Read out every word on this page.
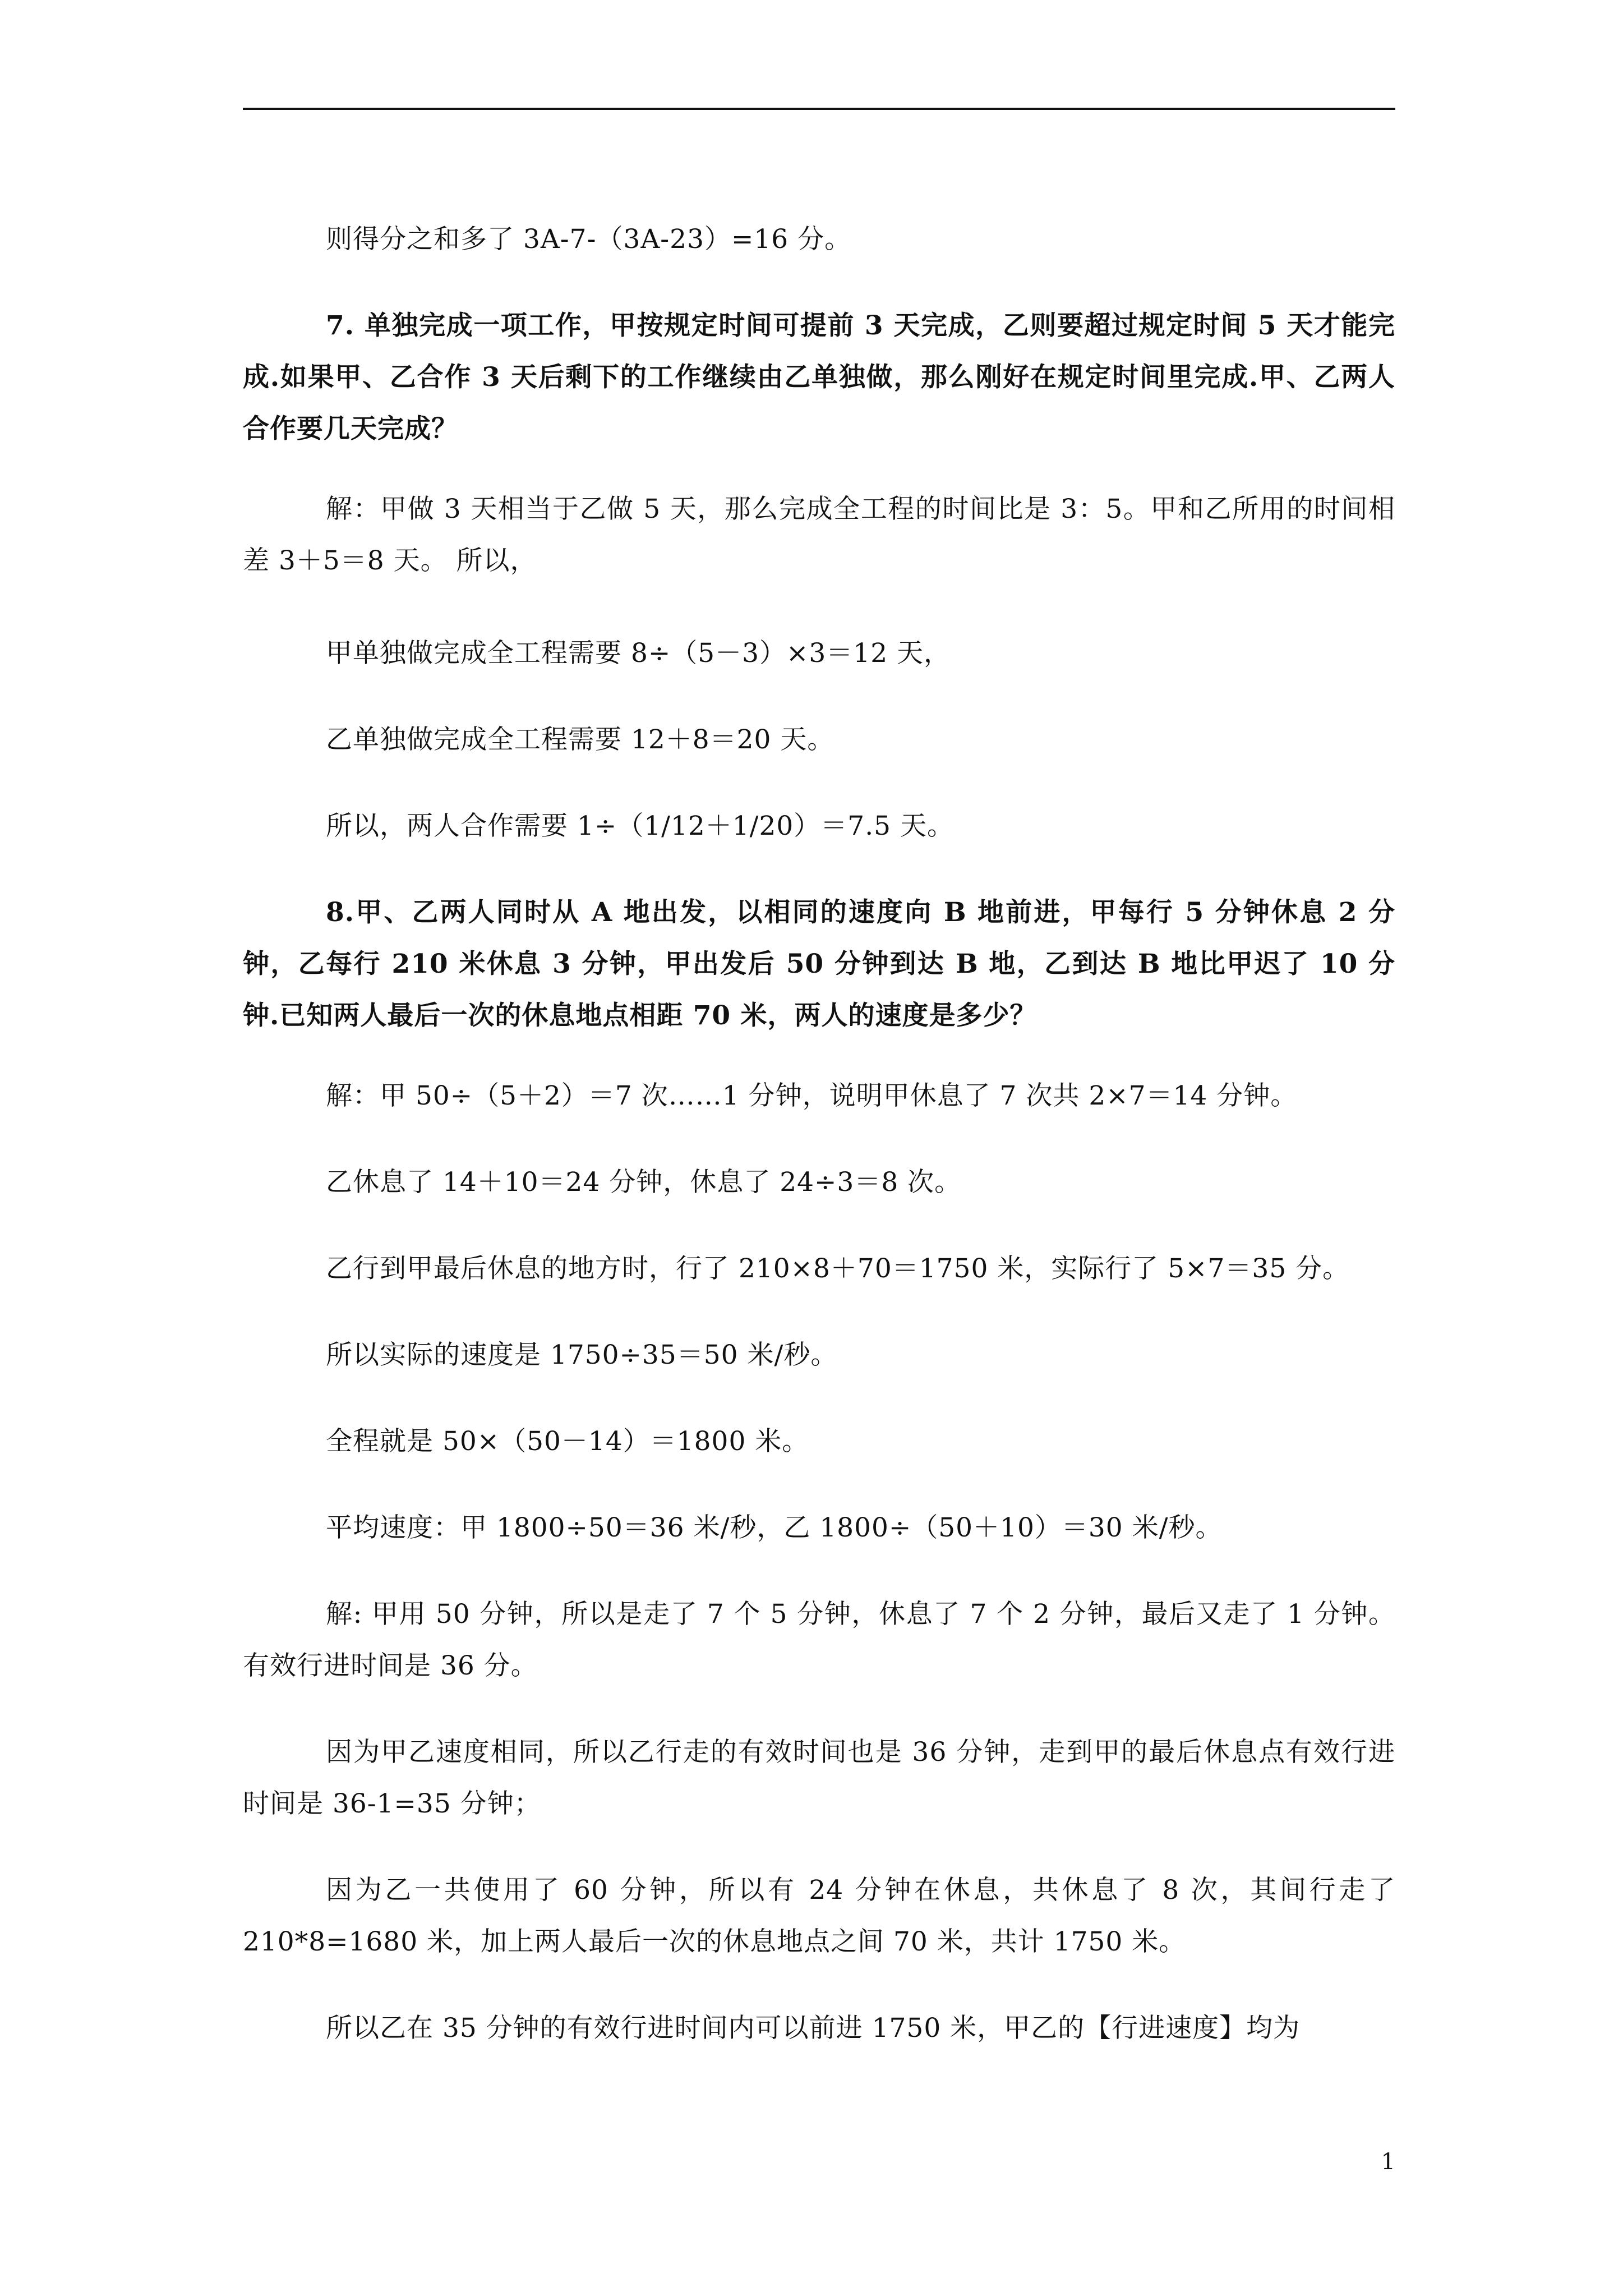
则得分之和多了 3A-7-（3A-23）=16 分。

7. 单独完成一项工作，甲按规定时间可提前 3 天完成，乙则要超过规定时间 5 天才能完成.如果甲、乙合作 3 天后剩下的工作继续由乙单独做，那么刚好在规定时间里完成.甲、乙两人合作要几天完成？

解：甲做 3 天相当于乙做 5 天，那么完成全工程的时间比是 3：5。甲和乙所用的时间相差 3＋5＝8 天。 所以，

甲单独做完成全工程需要 8÷（5－3）×3＝12 天，

乙单独做完成全工程需要 12＋8＝20 天。

所以，两人合作需要 1÷（1/12＋1/20）＝7.5 天。

8.甲、乙两人同时从 A 地出发，以相同的速度向 B 地前进，甲每行 5 分钟休息 2 分钟，乙每行 210 米休息 3 分钟，甲出发后 50 分钟到达 B 地，乙到达 B 地比甲迟了 10 分钟.已知两人最后一次的休息地点相距 70 米，两人的速度是多少？

解：甲 50÷（5＋2）＝7 次……1 分钟，说明甲休息了 7 次共 2×7＝14 分钟。

乙休息了 14＋10＝24 分钟，休息了 24÷3＝8 次。

乙行到甲最后休息的地方时，行了 210×8＋70＝1750 米，实际行了 5×7＝35 分。

所以实际的速度是 1750÷35＝50 米/秒。

全程就是 50×（50－14）＝1800 米。

平均速度：甲 1800÷50＝36 米/秒，乙 1800÷（50＋10）＝30 米/秒。

解: 甲用 50 分钟，所以是走了 7 个 5 分钟，休息了 7 个 2 分钟，最后又走了 1 分钟。有效行进时间是 36 分。

因为甲乙速度相同，所以乙行走的有效时间也是 36 分钟，走到甲的最后休息点有效行进时间是 36-1=35 分钟；

因为乙一共使用了 60 分钟，所以有 24 分钟在休息，共休息了 8 次，其间行走了 210*8=1680 米，加上两人最后一次的休息地点之间 70 米，共计 1750 米。

所以乙在 35 分钟的有效行进时间内可以前进 1750 米，甲乙的【行进速度】均为

1
